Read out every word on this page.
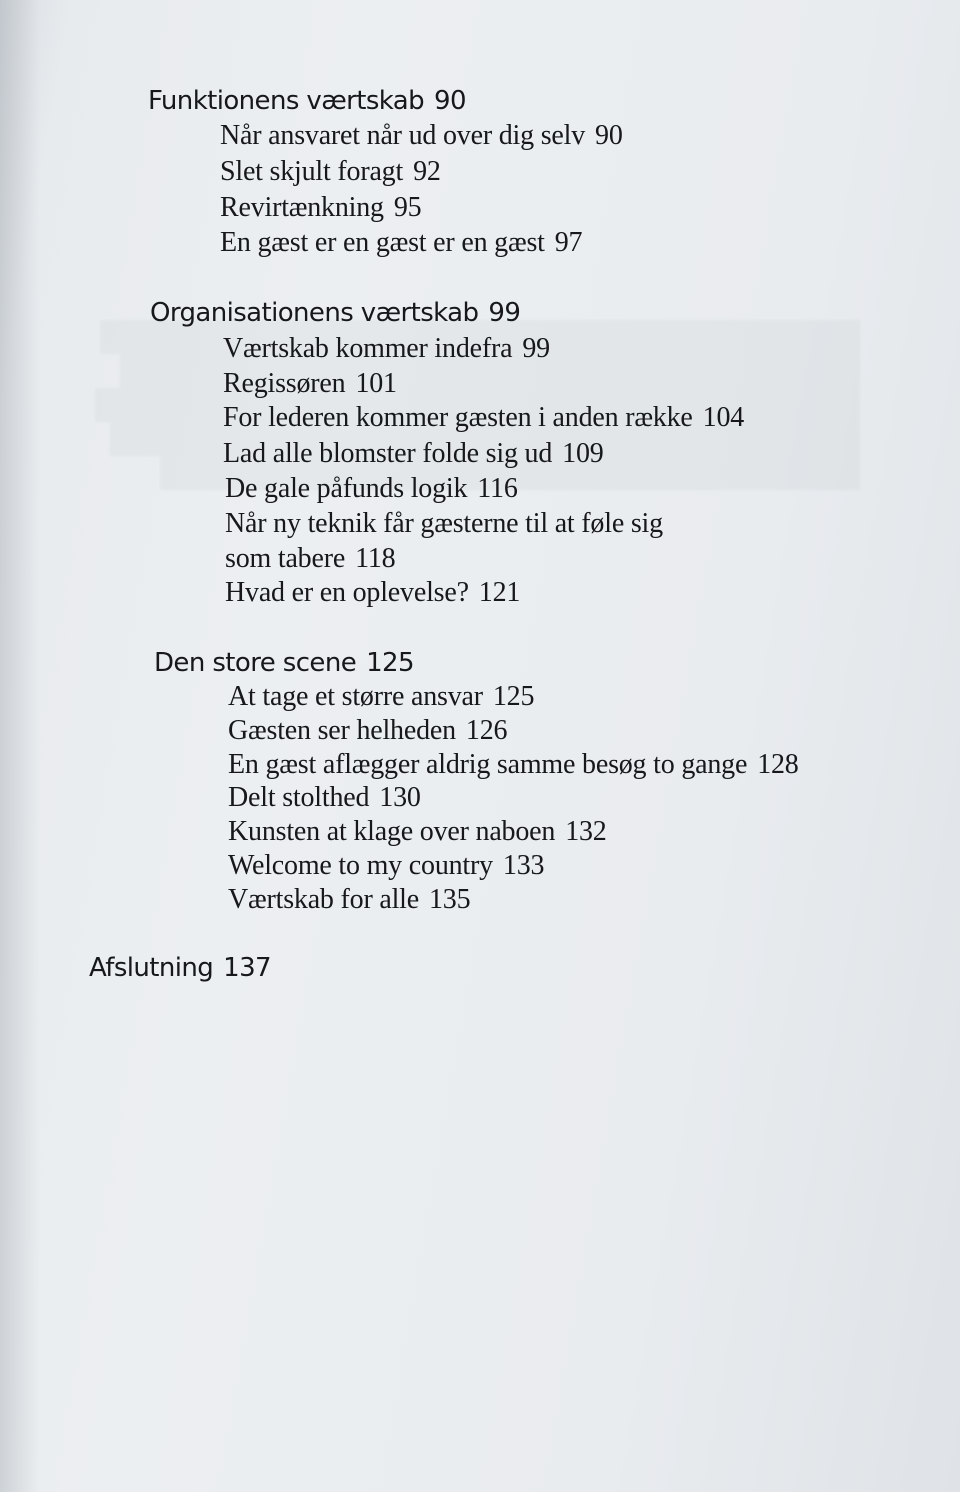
Funktionens værtskab 90
Når ansvaret når ud over dig selv 90
Slet skjult foragt 92
Revirtænkning 95
En gæst er en gæst er en gæst 97
Organisationens værtskab 99
Værtskab kommer indefra 99
Regissøren 101
For lederen kommer gæsten i anden række 104
Lad alle blomster folde sig ud 109
De gale påfunds logik 116
Når ny teknik får gæsterne til at føle sig
som tabere 118
Hvad er en oplevelse? 121
Den store scene 125
At tage et større ansvar 125
Gæsten ser helheden 126
En gæst aflægger aldrig samme besøg to gange 128
Delt stolthed 130
Kunsten at klage over naboen 132
Welcome to my country 133
Værtskab for alle 135
Afslutning 137
